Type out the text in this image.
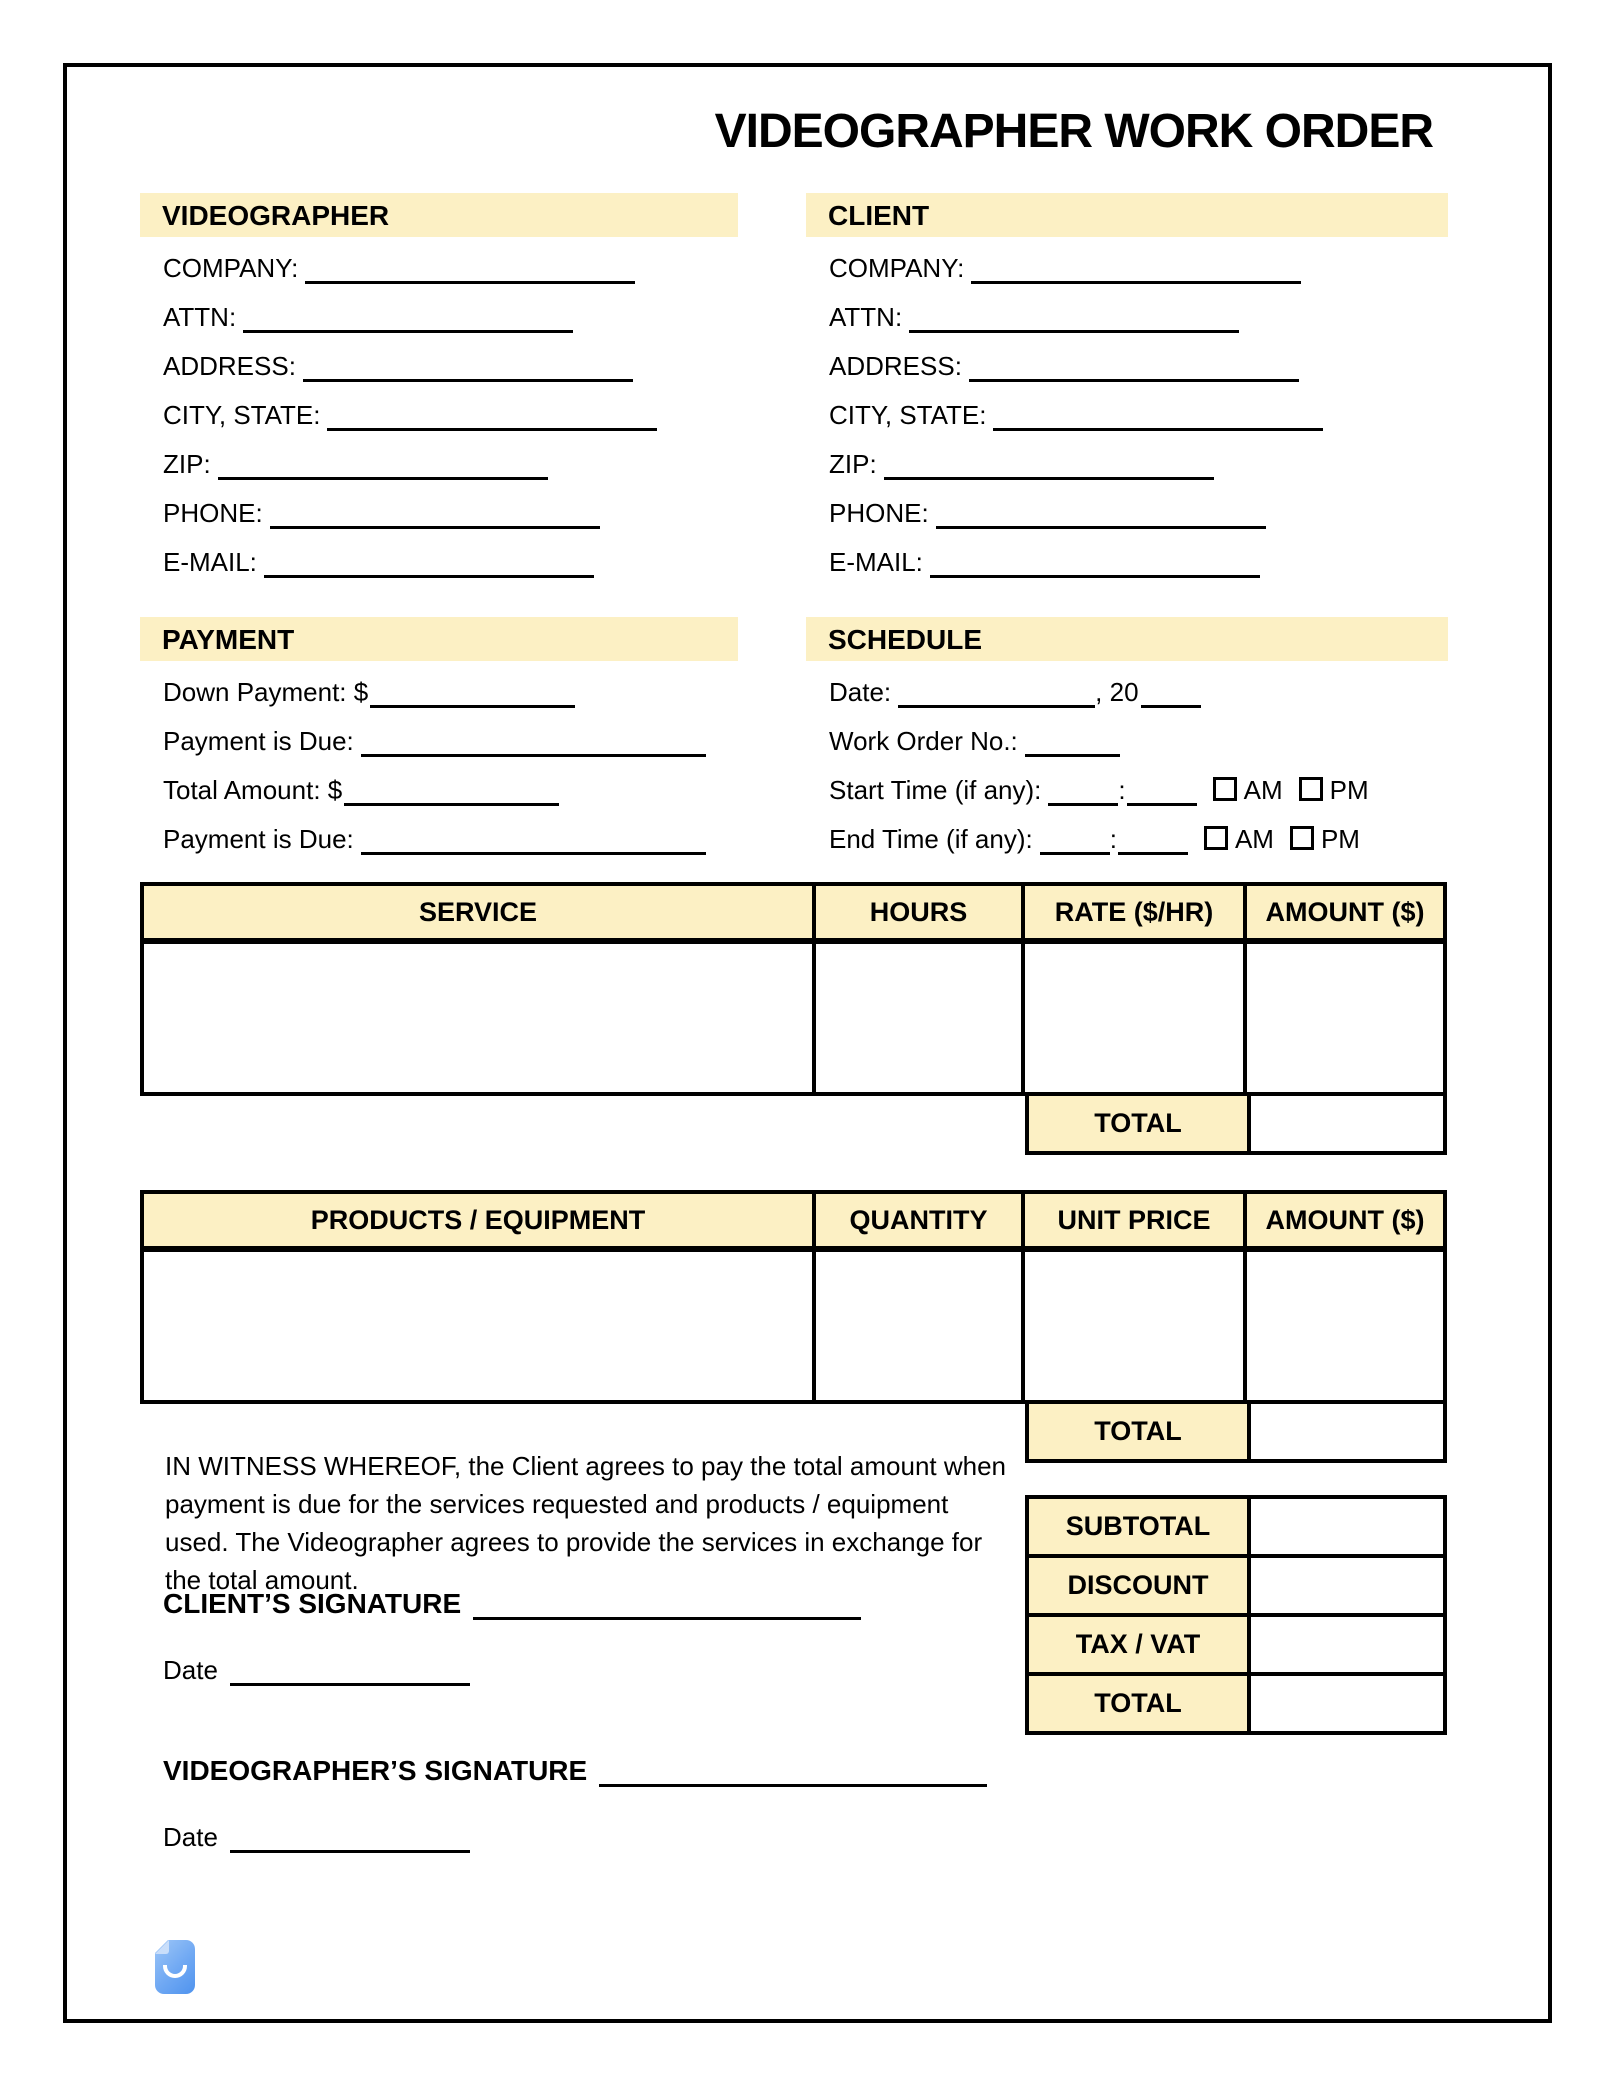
VIDEOGRAPHER WORK ORDER
VIDEOGRAPHER

COMPANY:

ATTN:

ADDRESS:

CITY, STATE:

ZIP:

PHONE:

E-MAIL:

CLIENT

COMPANY:

ATTN:

ADDRESS:

CITY, STATE:

ZIP:

PHONE:

E-MAIL:

PAYMENT

Down Payment: $

Payment is Due:

Total Amount: $

Payment is Due:

SCHEDULE

Date:	, 20

Work Order No.:

Start Time (if any):	:	AM PM

End Time (if any):	:	AM PM

SERVICE	HOURS	RATE ($/HR)	AMOUNT ($)
TOTAL
PRODUCTS / EQUIPMENT	QUANTITY	UNIT PRICE	AMOUNT ($)
TOTAL
SUBTOTAL
DISCOUNT
TAX / VAT
TOTAL
IN WITNESS WHEREOF, the Client agrees to pay the total amount when payment is due for the services requested and products / equipment used. The Videographer agrees to provide the services in exchange for the total amount.
CLIENT’S SIGNATURE
Date
VIDEOGRAPHER’S SIGNATURE
Date
